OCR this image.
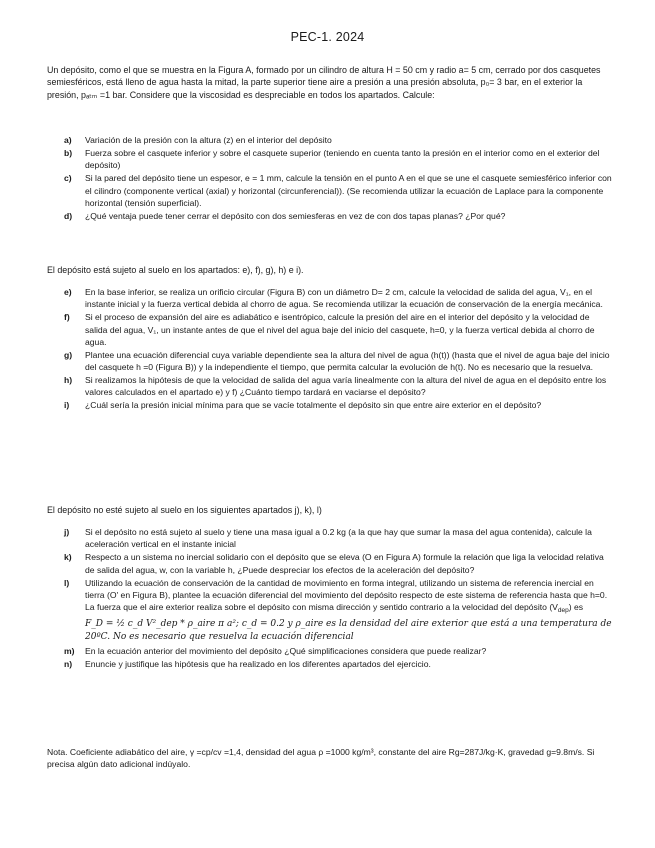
PEC-1. 2024

Un depósito, como el que se muestra en la Figura A, formado por un cilindro de altura H = 50 cm y radio a= 5 cm, cerrado por dos casquetes semiesféricos, está lleno de agua hasta la mitad, la parte superior tiene aire a presión a una presión absoluta, p₀= 3 bar, en el exterior la presión, pₐₜₘ =1 bar. Considere que la viscosidad es despreciable en todos los apartados. Calcule:

a) Variación de la presión con la altura (z) en el interior del depósito
b) Fuerza sobre el casquete inferior y sobre el casquete superior (teniendo en cuenta tanto la presión en el interior como en el exterior del depósito)
c) Si la pared del depósito tiene un espesor, e = 1 mm, calcule la tensión en el punto A en el que se une el casquete semiesférico inferior con el cilindro (componente vertical (axial) y horizontal (circunferencial)). (Se recomienda utilizar la ecuación de Laplace para la componente horizontal (tensión superficial).
d) ¿Qué ventaja puede tener cerrar el depósito con dos semiesferas en vez de con dos tapas planas? ¿Por qué?

El depósito está sujeto al suelo en los apartados: e), f), g), h) e i).

e) En la base inferior, se realiza un orificio circular (Figura B) con un diámetro D= 2 cm, calcule la velocidad de salida del agua, V₁, en el instante inicial y la fuerza vertical debida al chorro de agua. Se recomienda utilizar la ecuación de conservación de la energía mecánica.
f) Si el proceso de expansión del aire es adiabático e isentrópico, calcule la presión del aire en el interior del depósito y la velocidad de salida del agua, V₁, un instante antes de que el nivel del agua baje del inicio del casquete, h=0, y la fuerza vertical debida al chorro de agua.
g) Plantee una ecuación diferencial cuya variable dependiente sea la altura del nivel de agua (h(t)) (hasta que el nivel de agua baje del inicio del casquete h =0 (Figura B)) y la independiente el tiempo, que permita calcular la evolución de h(t). No es necesario que la resuelva.
h) Si realizamos la hipótesis de que la velocidad de salida del agua varía linealmente con la altura del nivel de agua en el depósito entre los valores calculados en el apartado e) y f) ¿Cuánto tiempo tardará en vaciarse el depósito?
i) ¿Cuál sería la presión inicial mínima para que se vacíe totalmente el depósito sin que entre aire exterior en el depósito?

El depósito no esté sujeto al suelo en los siguientes apartados j), k), l)

j) Si el depósito no está sujeto al suelo y tiene una masa igual a 0.2 kg (a la que hay que sumar la masa del agua contenida), calcule la aceleración vertical en el instante inicial
k) Respecto a un sistema no inercial solidario con el depósito que se eleva (O en Figura A) formule la relación que liga la velocidad relativa de salida del agua, w, con la variable h, ¿Puede despreciar los efectos de la aceleración del depósito?
l) Utilizando la ecuación de conservación de la cantidad de movimiento en forma integral, utilizando un sistema de referencia inercial en tierra (O' en Figura B), plantee la ecuación diferencial del movimiento del depósito respecto de este sistema de referencia hasta que h=0. La fuerza que el aire exterior realiza sobre el depósito con misma dirección y sentido contrario a la velocidad del depósito $(V_{dep})$ es
F_D = ½ c_d V²_dep * ρ_aire π a²; c_d = 0.2 y ρ_aire es la densidad del aire exterior que está a una temperatura de 20ºC. No es necesario que resuelva la ecuación diferencial
m) En la ecuación anterior del movimiento del depósito ¿Qué simplificaciones considera que puede realizar?
n) Enuncie y justifique las hipótesis que ha realizado en los diferentes apartados del ejercicio.

Nota. Coeficiente adiabático del aire, γ =cp/cv =1,4, densidad del agua ρ =1000 kg/m³, constante del aire Rg=287J/kg·K, gravedad g=9.8m/s. Si precisa algún dato adicional indúyalo.
